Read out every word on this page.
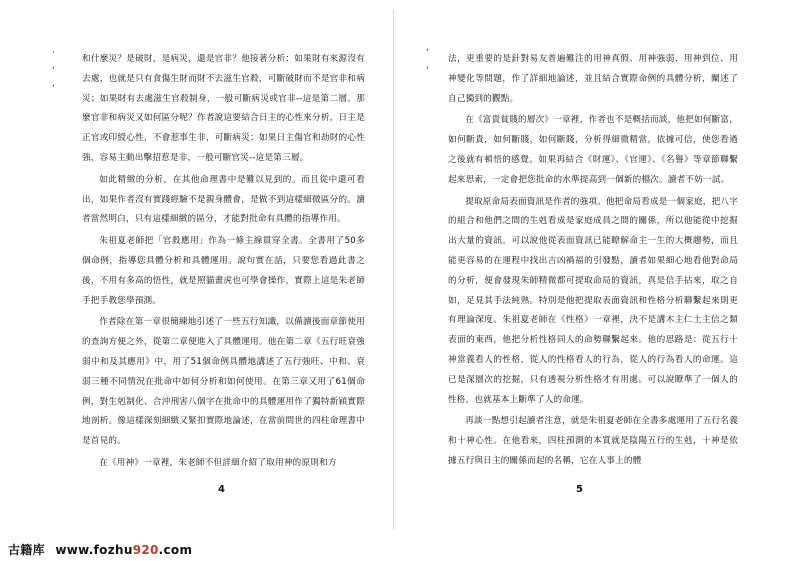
·
'
'

和什麼災？是破財，是病災，還是官非？他接著分析：如果財有來源沒有去處，也就是只有食傷生財而財不去滋生官殺，可斷破財而不是官非和病災；如果財有去處滋生官殺制身，一般可斷病災或官非--這是第二層。那麼官非和病災又如何區分呢？作者說這要結合日主的心性來分析，日主是正官或印綬心性，不會惹事生非，可斷病災；如果日主傷官和劫財的心性強，容易主動出擊招惹是非，一般可斷官災--這是第三層。

如此精緻的分析，在其他命理書中是難以見到的。而且從中還可看出，如果作者沒有實踐經驗不是親身體會，是做不到這樣細微區分的。讀者當然明白，只有這樣細緻的區分，才能對批命有具體的指導作用。

朱祖夏老師把「官殺應用」作為一條主線貫穿全書。全書用了50多個命例，指導您具體分析和具體運用。說句實在話，只要您看過此書之後，不用有多高的悟性，就是照貓畫虎也可學會操作，實際上這是朱老師手把手教您學預測。

作者除在第一章很簡練地引述了一些五行知識，以備讀後面章節使用的查詢方便之外，從第二章便進入了具體運用。他在第二章《五行旺衰強弱中和及其應用》中，用了51個命例具體地講述了五行強旺、中和、衰弱三種不同情況在批命中如何分析和如何使用。在第三章又用了61個命例，對生剋制化、合沖刑害八個字在批命中的具體運用作了獨特新穎實際地剖析。像這樣深刻細緻又緊扣實際地論述，在當前問世的四柱命理書中是首見的。

在《用神》一章裡，朱老師不但詳細介紹了取用神的原則和方

4
‘
'

法，更重要的是針對易友普遍難注的用神真假、用神強弱、用神到位、用神變化等問題，作了詳細地論述，並且結合實際命例的具體分析，闡述了自己獨到的觀點。

在《富貴貧賤的層次》一章裡，作者也不是概括而談，他把如何斷富，如何斷貴，如何斷賤，如何斷賤，分析得細微精當，依據可信，使您看過之後就有頓悟的感覺。如果再結合《財運》、《官運》、《名譽》等章節聯繫起來思索，一定會把您批命的水準提高到一個新的檔次。讀者不妨一試。

提取原命局表面資訊是作者的強項。他把命局看成是一個家庭，把八字的組合和他們之間的生剋看成是家庭成員之間的關係，所以他能從中挖掘出大量的資訊。可以說他從表面資訊已能瞭解命主一生的大概趨勢，而且能更容易的在運程中找出吉凶禍福的引發點，讀者如果細心地看他對命局的分析，便會發現朱師精微都可提取命局的資訊，真是信手拈來，取之自如，足見其手法純熟。特別是他把提取表面資訊和性格分析聯繫起來則更有理論深度。朱祖夏老師在《性格》一章裡，決不是講木主仁土主信之類表面的東西，他把分析性格同人的命勢聯繫起來。他的思路是：從五行十神當義看人的性格，從人的性格看人的行為，從人的行為看人的命運。這已是深層次的挖掘，只有透視分析性格才有用處。可以說瞭準了一個人的性格，也就基本上斷準了人的命運。

再談一點想引起讀者注意，就是朱祖夏老師在全書多處運用了五行名義和十神心性。在他看來，四柱預測的本質就是陰陽五行的生剋，十神是依據五行與日主的關係而起的名稱，它在人事上的體

5
古籍库 www.fozhu920.com
